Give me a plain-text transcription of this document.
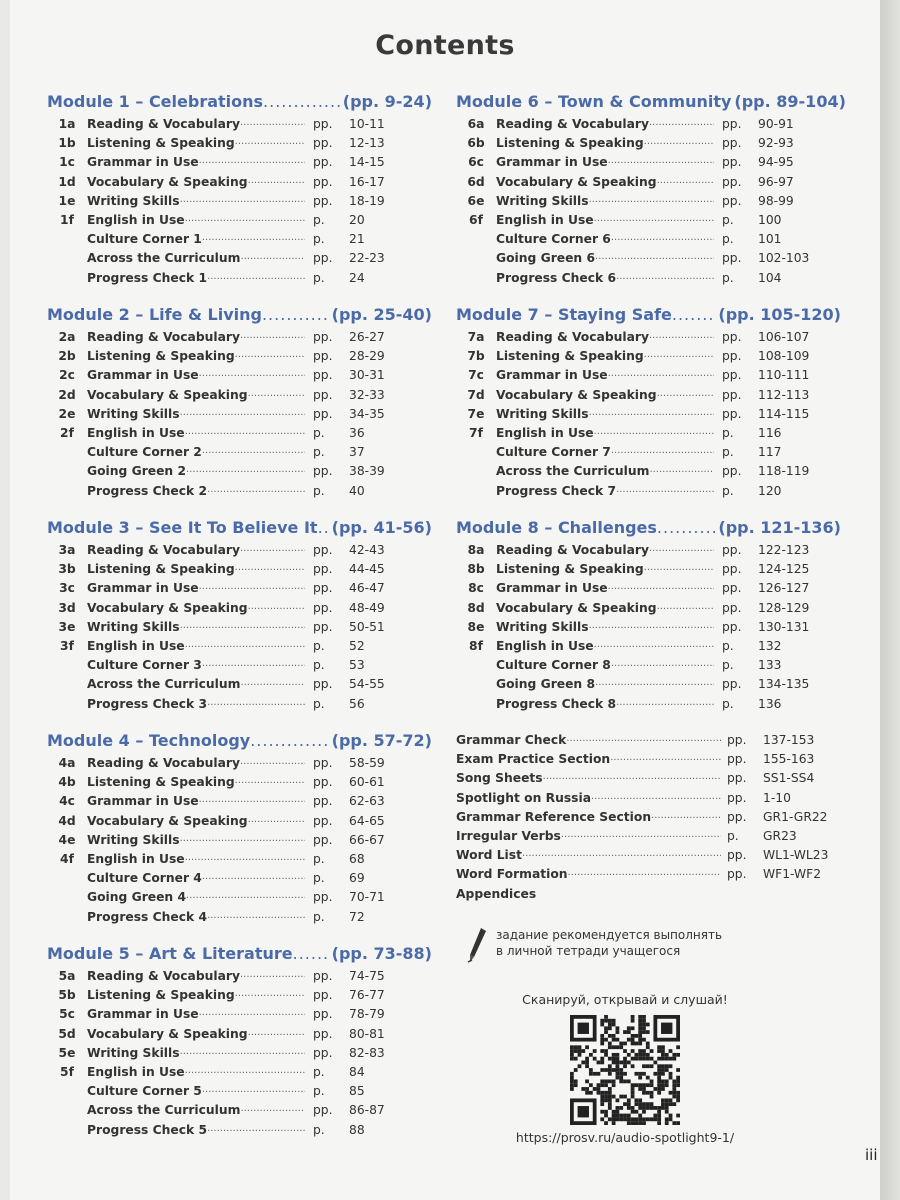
Contents
Module 1 – Celebrations .....	(pp. 9-24)
1a Reading & Vocabulary .....	pp.	10-11
1b Listening & Speaking .....	pp.	12-13
1c Grammar in Use .....	pp.	14-15
1d Vocabulary & Speaking .....	pp.	16-17
1e Writing Skills .....	pp.	18-19
1f	English in Use .....	p.	20
Culture Corner 1 .....	p.	21
Across the Curriculum .....	pp.	22-23
Progress Check 1 .....	p.	24
Module 2 – Life & Living .....	(pp. 25-40)
2a Reading & Vocabulary .....	pp.	26-27
2b Listening & Speaking .....	pp.	28-29
2c Grammar in Use .....	pp.	30-31
2d Vocabulary & Speaking .....	pp.	32-33
2e Writing Skills .....	pp.	34-35
2f	English in Use .....	p.	36
Culture Corner 2 .....	p.	37
Going Green 2 .....	pp.	38-39
Progress Check 2 .....	p.	40
Module 3 – See It To Believe It ..... (pp. 41-56)
3a Reading & Vocabulary .....	pp.	42-43
3b Listening & Speaking .....	pp.	44-45
3c Grammar in Use .....	pp.	46-47
3d Vocabulary & Speaking .....	pp.	48-49
3e Writing Skills .....	pp.	50-51
3f	English in Use .....	p.	52
Culture Corner 3 .....	p.	53
Across the Curriculum .....	pp.	54-55
Progress Check 3 .....	p.	56
Module 4 – Technology .....	(pp. 57-72)
4a Reading & Vocabulary .....	pp.	58-59
4b Listening & Speaking .....	pp.	60-61
4c Grammar in Use .....	pp.	62-63
4d Vocabulary & Speaking .....	pp.	64-65
4e Writing Skills .....	pp.	66-67
4f	English in Use .....	p.	68
Culture Corner 4 .....	p.	69
Going Green 4 .....	pp.	70-71
Progress Check 4 .....	p.	72
Module 5 – Art & Literature ..... (pp. 73-88)
5a Reading & Vocabulary .....	pp.	74-75
5b Listening & Speaking .....	pp.	76-77
5c Grammar in Use .....	pp.	78-79
5d Vocabulary & Speaking .....	pp.	80-81
5e Writing Skills .....	pp.	82-83
5f	English in Use .....	p.	84
Culture Corner 5 .....	p.	85
Across the Curriculum .....	pp.	86-87
Progress Check 5 .....	p.	88
Module 6 – Town & Community (pp. 89-104)
6a Reading & Vocabulary .....	pp.	90-91
6b Listening & Speaking .....	pp.	92-93
6c Grammar in Use .....	pp.	94-95
6d Vocabulary & Speaking .....	pp.	96-97
6e Writing Skills .....	pp.	98-99
6f	English in Use .....	p.	100
Culture Corner 6 .....	p.	101
Going Green 6 .....	pp.	102-103
Progress Check 6 .....	p.	104
Module 7 – Staying Safe .....	(pp. 105-120)
7a Reading & Vocabulary .....	pp.	106-107
7b Listening & Speaking .....	pp.	108-109
7c Grammar in Use .....	pp.	110-111
7d Vocabulary & Speaking .....	pp.	112-113
7e Writing Skills .....	pp.	114-115
7f	English in Use .....	p.	116
Culture Corner 7 .....	p.	117
Across the Curriculum .....	pp.	118-119
Progress Check 7 .....	p.	120
Module 8 – Challenges .....	(pp. 121-136)
8a Reading & Vocabulary .....	pp.	122-123
8b Listening & Speaking .....	pp.	124-125
8c Grammar in Use .....	pp.	126-127
8d Vocabulary & Speaking .....	pp.	128-129
8e Writing Skills .....	pp.	130-131
8f	English in Use .....	p.	132
Culture Corner 8 .....	p.	133
Going Green 8 .....	pp.	134-135
Progress Check 8 .....	p.	136
Grammar Check .....	pp.	137-153
Exam Practice Section .....	pp.	155-163
Song Sheets .....	pp.	SS1-SS4
Spotlight on Russia .....	pp.	1-10
Grammar Reference Section .....	pp.	GR1-GR22
Irregular Verbs .....	p.	GR23
Word List .....	pp.	WL1-WL23
Word Formation .....	pp.	WF1-WF2
Appendices
задание рекомендуется выполнять
в личной тетради учащегося
Сканируй, открывай и слушай!
https://prosv.ru/audio-spotlight9-1/
iii
